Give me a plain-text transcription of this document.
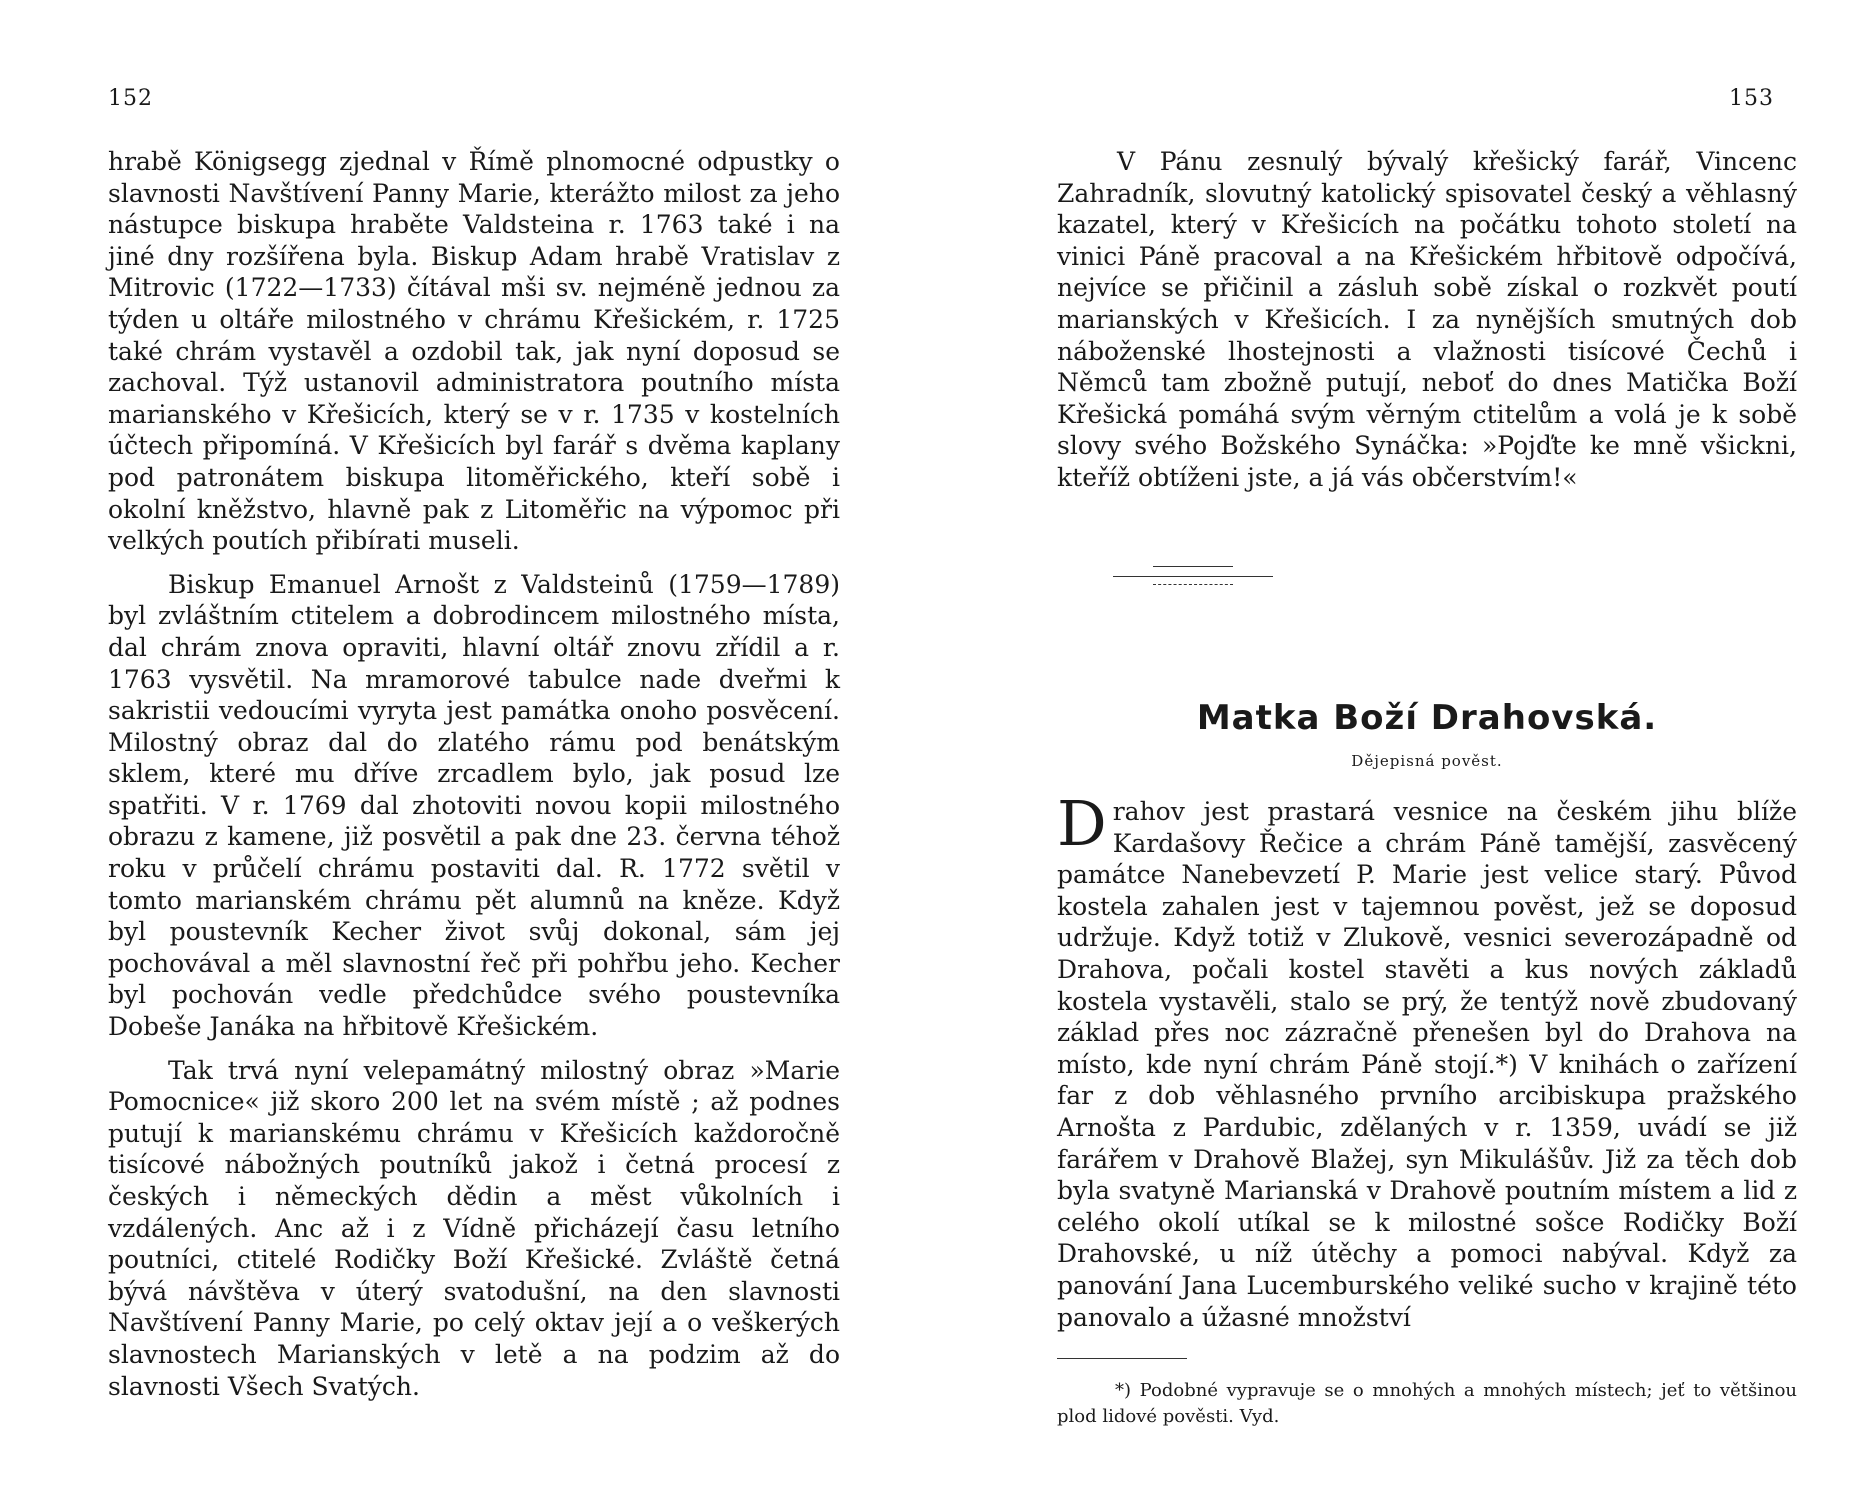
152

hrabě Königsegg zjednal v Římě plnomocné odpustky o slavnosti Navštívení Panny Marie, kterážto milost za jeho nástupce biskupa hraběte Valdsteina r. 1763 také i na jiné dny rozšířena byla. Biskup Adam hrabě Vratislav z Mitrovic (1722—1733) čítával mši sv. nejméně jednou za týden u oltáře milostného v chrámu Křešickém, r. 1725 také chrám vystavěl a ozdobil tak, jak nyní doposud se zachoval. Týž ustanovil administratora poutního místa marianského v Křešicích, který se v r. 1735 v kostelních účtech připomíná. V Křešicích byl farář s dvěma kaplany pod patronátem biskupa litoměřického, kteří sobě i okolní kněžstvo, hlavně pak z Litoměřic na výpomoc při velkých poutích přibírati museli.

Biskup Emanuel Arnošt z Valdsteinů (1759—1789) byl zvláštním ctitelem a dobrodincem milostného místa, dal chrám znova opraviti, hlavní oltář znovu zřídil a r. 1763 vysvětil. Na mramorové tabulce nade dveřmi k sakristii vedoucími vyryta jest památka onoho posvěcení. Milostný obraz dal do zlatého rámu pod benátským sklem, které mu dříve zrcadlem bylo, jak posud lze spatřiti. V r. 1769 dal zhotoviti novou kopii milostného obrazu z kamene, již posvětil a pak dne 23. června téhož roku v průčelí chrámu postaviti dal. R. 1772 světil v tomto marianském chrámu pět alumnů na kněze. Když byl poustevník Kecher život svůj dokonal, sám jej pochovával a měl slavnostní řeč při pohřbu jeho. Kecher byl pochován vedle předchůdce svého poustevníka Dobeše Janáka na hřbitově Křešickém.

Tak trvá nyní velepamátný milostný obraz »Marie Pomocnice« již skoro 200 let na svém místě ; až podnes putují k marianskému chrámu v Křešicích každoročně tisícové nábožných poutníků jakož i četná procesí z českých i německých dědin a měst vůkolních i vzdálených. Anc až i z Vídně přicházejí času letního poutníci, ctitelé Rodičky Boží Křešické. Zvláště četná bývá návštěva v úterý svatodušní, na den slavnosti Navštívení Panny Marie, po celý oktav její a o veškerých slavnostech Marianských v letě a na podzim až do slavnosti Všech Svatých.

153

V Pánu zesnulý bývalý křešický farář, Vincenc Zahradník, slovutný katolický spisovatel český a věhlasný kazatel, který v Křešicích na počátku tohoto století na vinici Páně pracoval a na Křešickém hřbitově odpočívá, nejvíce se přičinil a zásluh sobě získal o rozkvět poutí marianských v Křešicích. I za nynějších smutných dob náboženské lhostejnosti a vlažnosti tisícové Čechů i Němců tam zbožně putují, neboť do dnes Matička Boží Křešická pomáhá svým věrným ctitelům a volá je k sobě slovy svého Božského Synáčka: »Pojďte ke mně všickni, kteříž obtíženi jste, a já vás občerstvím!«

Matka Boží Drahovská.
Dějepisná pověst.

Drahov jest prastará vesnice na českém jihu blíže Kardašovy Řečice a chrám Páně tamější, zasvěcený památce Nanebevzetí P. Marie jest velice starý. Původ kostela zahalen jest v tajemnou pověst, jež se doposud udržuje. Když totiž v Zlukově, vesnici severozápadně od Drahova, počali kostel stavěti a kus nových základů kostela vystavěli, stalo se prý, že tentýž nově zbudovaný základ přes noc zázračně přenešen byl do Drahova na místo, kde nyní chrám Páně stojí.*) V knihách o zařízení far z dob věhlasného prvního arcibiskupa pražského Arnošta z Pardubic, zdělaných v r. 1359, uvádí se již farářem v Drahově Blažej, syn Mikulášův. Již za těch dob byla svatyně Marianská v Drahově poutním místem a lid z celého okolí utíkal se k milostné sošce Rodičky Boží Drahovské, u níž útěchy a pomoci nabýval. Když za panování Jana Lucemburského veliké sucho v krajině této panovalo a úžasné množství

*) Podobné vypravuje se o mnohých a mnohých místech; jeť to většinou plod lidové pověsti. Vyd.
